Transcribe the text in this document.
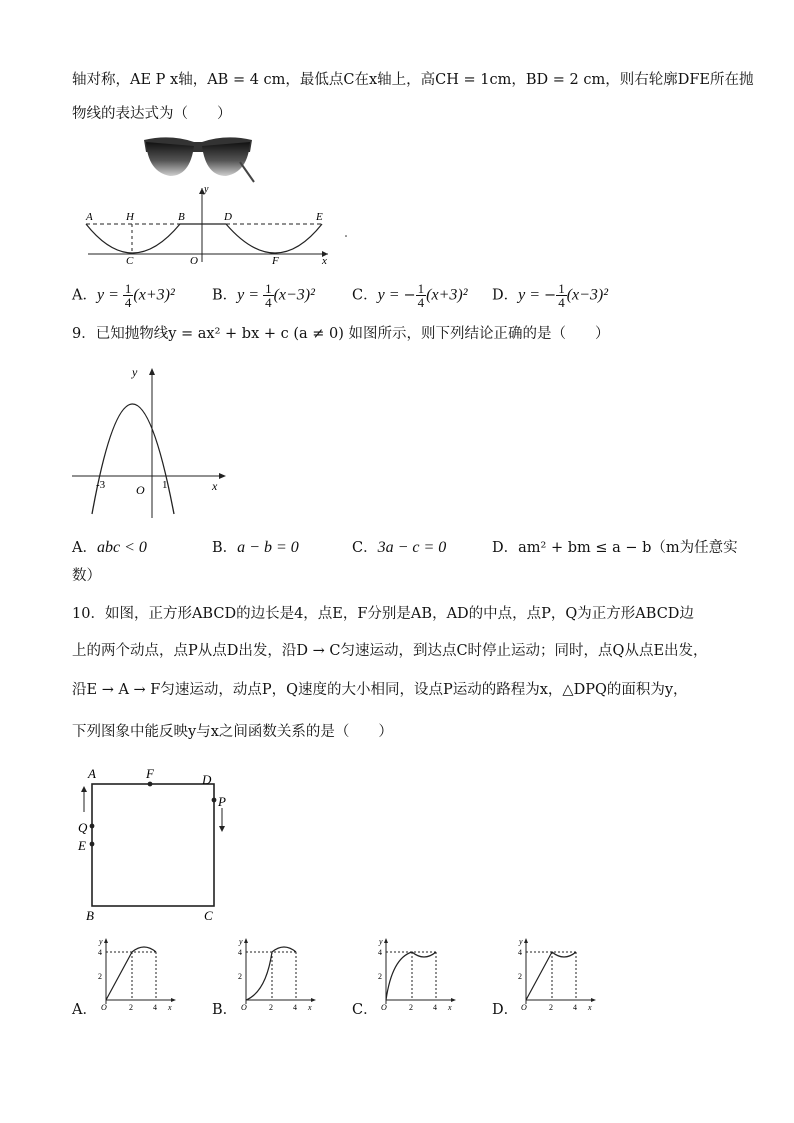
轴对称，AE P x轴，AB = 4 cm，最低点C在x轴上，高CH = 1cm，BD = 2 cm，则右轮廓DFE所在抛
物线的表达式为（　　）
A	H	B	D	E
C	O	F	x
y
A．$y = \frac{1}{4} (x+3)^2$	B．$y = \frac{1}{4} (x-3)^2$	C．y = − $\frac{1}{4} (x+3)^2$ D．y = − $\frac{1}{4} (x-3)^2$
9．已知抛物线y = ax² + bx + c (a ≠ 0) 如图所示，则下列结论正确的是（　　）
y
x
O
-3	1
A．abc < 0	B．a − b = 0	C．3a − c = 0	D．am² + bm ≤ a − b（m为任意实
数）
10．如图，正方形ABCD的边长是4，点E，F分别是AB，AD的中点，点P，Q为正方形ABCD边
上的两个动点，点P从点D出发，沿D → C匀速运动，到达点C时停止运动；同时，点Q从点E出发，
沿E → A → F匀速运动，动点P，Q速度的大小相同，设点P运动的路程为x，△DPQ的面积为y，
下列图象中能反映y与x之间函数关系的是（　　）
A	F	D
P
Q
E
B	C
A．	B．	C．	D．
y
4
2
O	2	4 x
y
4
2
O	2	4 x
y
4
2
O	2	4 x
y
4
2
O	2	4 x
